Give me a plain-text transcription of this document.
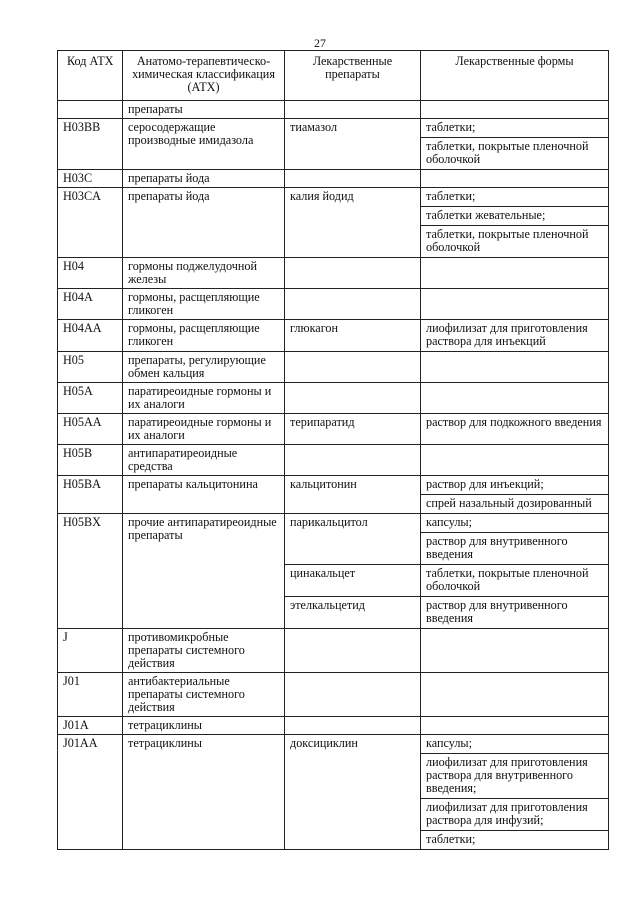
27
Код АТХ	Анатомо-терапевтическо-химическая классификация (АТХ)	Лекарственные препараты	Лекарственные формы
	препараты		
H03BB	серосодержащие производные имидазола	тиамазол	таблетки;
таблетки, покрытые пленочной оболочкой

H03C	препараты йода		
H03CA	препараты йода	калия йодид	таблетки;
таблетки жевательные;
таблетки, покрытые пленочной оболочкой

H04	гормоны поджелудочной железы		
H04A	гормоны, расщепляющие гликоген		
H04AA	гормоны, расщепляющие гликоген	глюкагон	лиофилизат для приготовления раствора для инъекций

H05	препараты, регулирующие обмен кальция		
H05A	паратиреоидные гормоны и их аналоги		
H05AA	паратиреоидные гормоны и их аналоги	терипаратид	раствор для подкожного введения

H05B	антипаратиреоидные средства		
H05BA	препараты кальцитонина	кальцитонин	раствор для инъекций;
спрей назальный дозированный

H05BX	прочие антипаратиреоидные препараты	парикальцитол	капсулы;
раствор для внутривенного введения

		цинакальцет	таблетки, покрытые пленочной оболочкой

		этелкальцетид	раствор для внутривенного введения

J	противомикробные препараты системного действия		
J01	антибактериальные препараты системного действия		
J01A	тетрациклины		
J01AA	тетрациклины	доксициклин	капсулы;
лиофилизат для приготовления раствора для внутривенного введения;
лиофилизат для приготовления раствора для инфузий;
таблетки;
